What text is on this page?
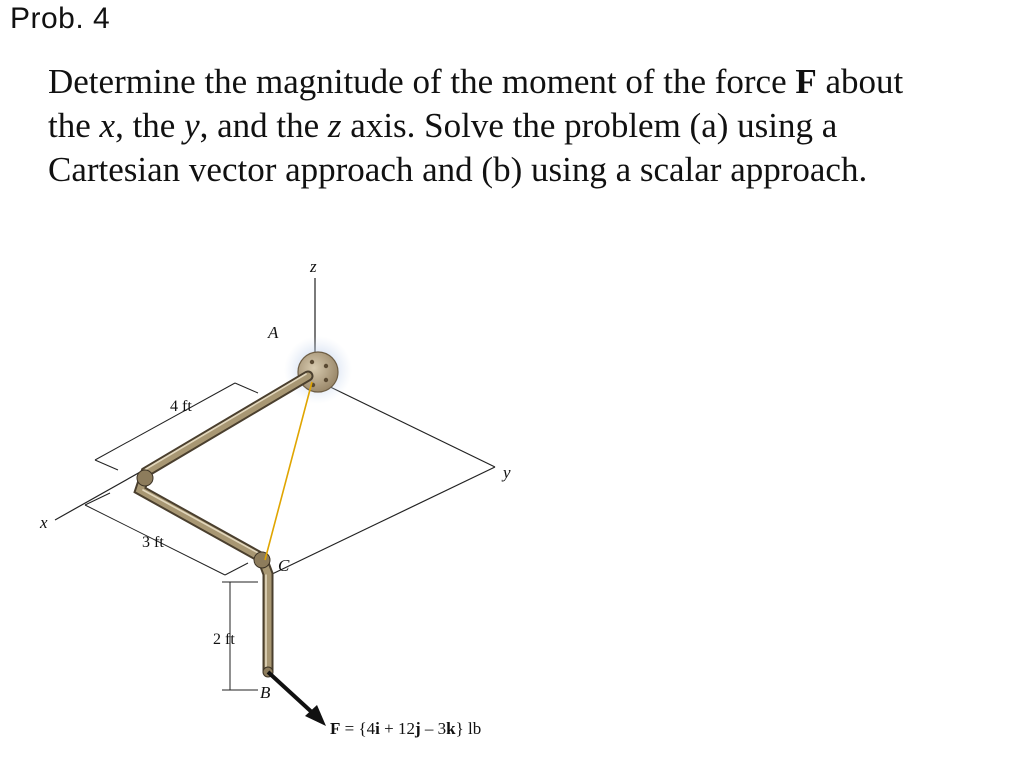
Prob. 4

Determine the magnitude of the moment of the force F about

the x, the y, and the z axis. Solve the problem (a) using a

Cartesian vector approach and (b) using a scalar approach.

z
y
x
A
C
B
4 ft
3 ft
2 ft
F = {4i + 12j – 3k} lb
